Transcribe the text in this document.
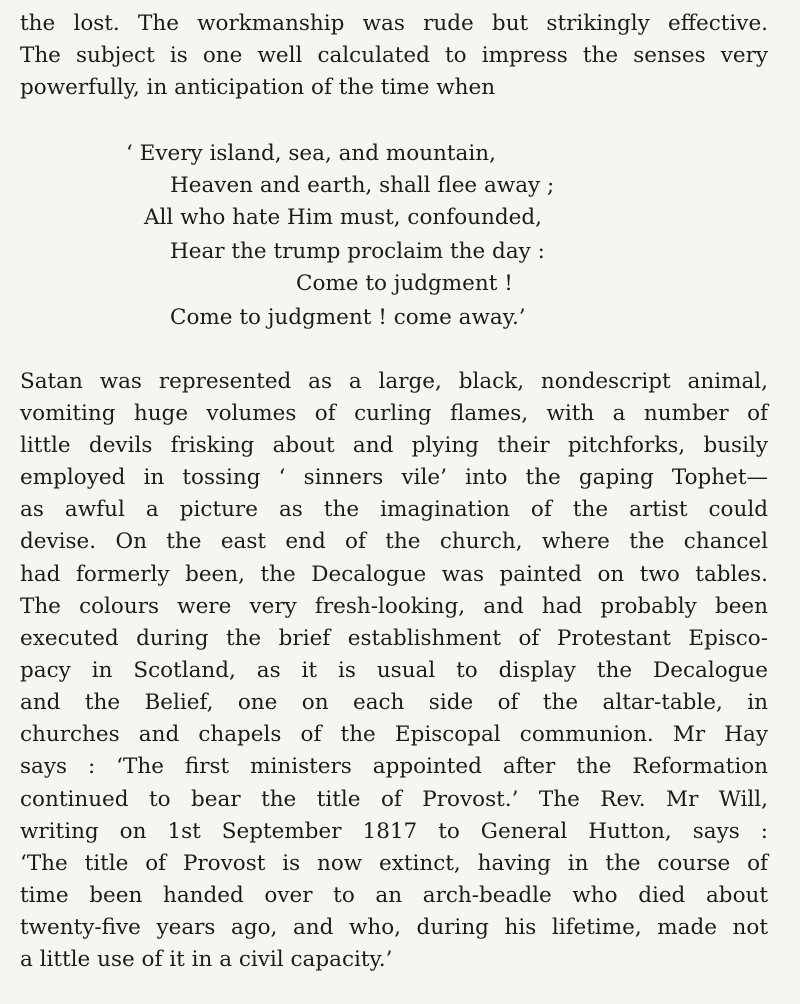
the lost. The workmanship was rude but strikingly effective.
The subject is one well calculated to impress the senses very
powerfully, in anticipation of the time when
‘ Every island, sea, and mountain,
Heaven and earth, shall flee away ;
All who hate Him must, confounded,
Hear the trump proclaim the day :
Come to judgment !
Come to judgment ! come away.’
Satan was represented as a large, black, nondescript animal,
vomiting huge volumes of curling flames, with a number of
little devils frisking about and plying their pitchforks, busily
employed in tossing ‘ sinners vile’ into the gaping Tophet—
as awful a picture as the imagination of the artist could
devise. On the east end of the church, where the chancel
had formerly been, the Decalogue was painted on two tables.
The colours were very fresh-looking, and had probably been
executed during the brief establishment of Protestant Episco-
pacy in Scotland, as it is usual to display the Decalogue
and the Belief, one on each side of the altar-table, in
churches and chapels of the Episcopal communion. Mr Hay
says : ‘The first ministers appointed after the Reformation
continued to bear the title of Provost.’ The Rev. Mr Will,
writing on 1st September 1817 to General Hutton, says :
‘The title of Provost is now extinct, having in the course of
time been handed over to an arch-beadle who died about
twenty-five years ago, and who, during his lifetime, made not
a little use of it in a civil capacity.’
